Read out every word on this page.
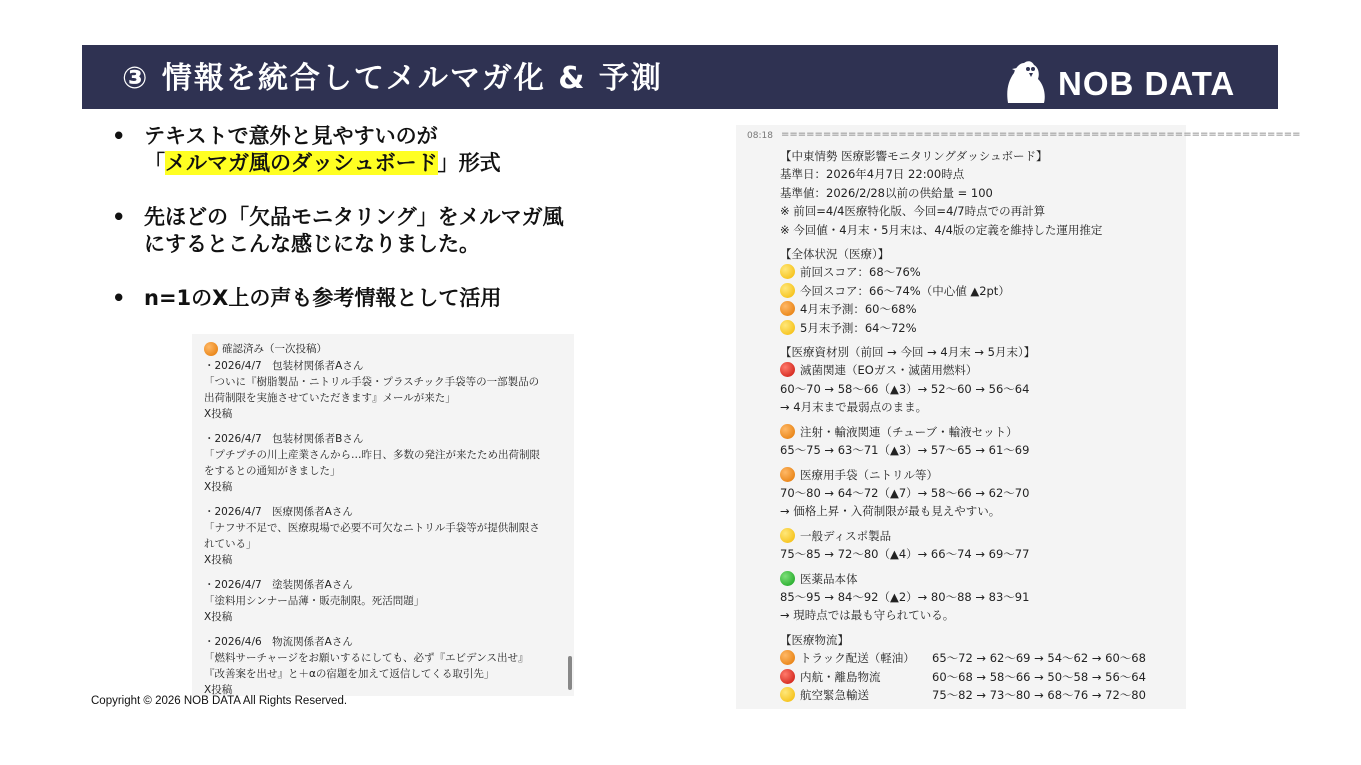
③ 情報を統合してメルマガ化 & 予測	NOB DATA
• テキストで意外と見やすいのが
「メルマガ風のダッシュボード」形式
• 先ほどの「欠品モニタリング」をメルマガ風
にするとこんな感じになりました。
• n=1のX上の声も参考情報として活用
確認済み（一次投稿）
・2026/4/7　包装材関係者Aさん
「ついに『樹脂製品・ニトリル手袋・プラスチック手袋等の一部製品の
出荷制限を実施させていただきます』メールが来た」
X投稿
・2026/4/7　包装材関係者Bさん
「プチプチの川上産業さんから…昨日、多数の発注が来たため出荷制限
をするとの通知がきました」
X投稿
・2026/4/7　医療関係者Aさん
「ナフサ不足で、医療現場で必要不可欠なニトリル手袋等が提供制限さ
れている」
X投稿
・2026/4/7　塗装関係者Aさん
「塗料用シンナー品薄・販売制限。死活問題」
X投稿
・2026/4/6　物流関係者Aさん
「燃料サーチャージをお願いするにしても、必ず『エビデンス出せ』
『改善案を出せ』と＋αの宿題を加えて返信してくる取引先」
X投稿
Copyright © 2026 NOB DATA All Rights Reserved.
08:18 ==============================================================
【中東情勢 医療影響モニタリングダッシュボード】
基準日：2026年4月7日 22:00時点
基準値：2026/2/28以前の供給量 = 100
※ 前回=4/4医療特化版、今回=4/7時点での再計算
※ 今回値・4月末・5月末は、4/4版の定義を維持した運用推定
【全体状況（医療）】
前回スコア：68〜76%
今回スコア：66〜74%（中心値 ▲2pt）
4月末予測：60〜68%
5月末予測：64〜72%
【医療資材別（前回 → 今回 → 4月末 → 5月末）】
滅菌関連（EOガス・滅菌用燃料）
60〜70 → 58〜66（▲3）→ 52〜60 → 56〜64
→ 4月末まで最弱点のまま。
注射・輸液関連（チューブ・輸液セット）
65〜75 → 63〜71（▲3）→ 57〜65 → 61〜69
医療用手袋（ニトリル等）
70〜80 → 64〜72（▲7）→ 58〜66 → 62〜70
→ 価格上昇・入荷制限が最も見えやすい。
一般ディスポ製品
75〜85 → 72〜80（▲4）→ 66〜74 → 69〜77
医薬品本体
85〜95 → 84〜92（▲2）→ 80〜88 → 83〜91
→ 現時点では最も守られている。
【医療物流】
トラック配送（軽油） 65〜72 → 62〜69 → 54〜62 → 60〜68
内航・離島物流	60〜68 → 58〜66 → 50〜58 → 56〜64
航空緊急輸送	75〜82 → 73〜80 → 68〜76 → 72〜80
